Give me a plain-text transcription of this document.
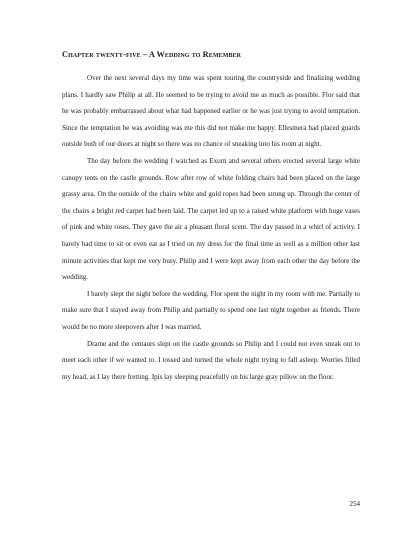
Chapter twenty-five – A Wedding to Remember

Over the next several days my time was spent touring the countryside and finalizing wedding plans. I hardly saw Philip at all. He seemed to be trying to avoid me as much as possible. Flor said that he was probably embarrassed about what had happened earlier or he was just trying to avoid temptation. Since the temptation he was avoiding was me this did not make me happy. Ellesmera had placed guards outside both of our doors at night so there was no chance of sneaking into his room at night.

The day before the wedding I watched as Exorn and several others erected several large white canopy tents on the castle grounds. Row after row of white folding chairs had been placed on the large grassy area. On the outside of the chairs white and gold ropes had been strung up. Through the center of the chairs a bright red carpet had been laid. The carpet led up to a raised white platform with huge vases of pink and white roses. They gave the air a pleasant floral scent. The day passed in a whirl of activity. I barely had time to sit or even eat as I tried on my dress for the final time as well as a million other last minute activities that kept me very busy. Philip and I were kept away from each other the day before the wedding.

I barely slept the night before the wedding. Flor spent the night in my room with me. Partially to make sure that I stayed away from Philip and partially to spend one last night together as friends. There would be no more sleepovers after I was married.

Drame and the centaurs slept on the castle grounds so Philip and I could not even sneak out to meet each other if we wanted to. I tossed and turned the whole night trying to fall asleep. Worries filled my head, as I lay there fretting. Ipis lay sleeping peacefully on his large gray pillow on the floor.

254
